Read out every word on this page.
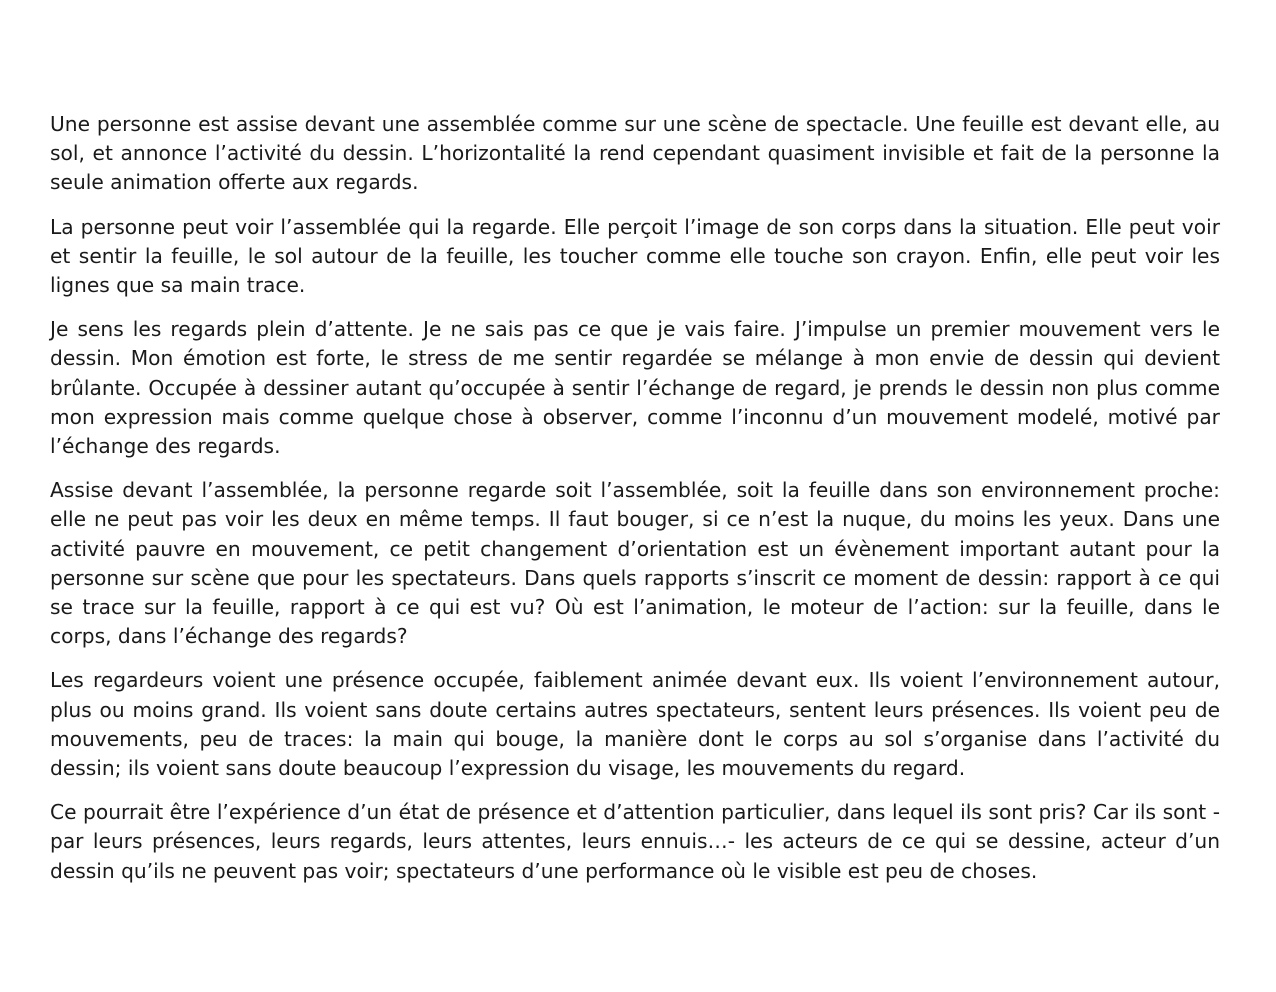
Une personne est assise devant une assemblée comme sur une scène de spectacle. Une feuille est devant elle, au sol, et annonce l’activité du dessin. L’horizontalité la rend cependant quasiment invisible et fait de la personne la seule animation offerte aux regards.

La personne peut voir l’assemblée qui la regarde. Elle perçoit l’image de son corps dans la situation. Elle peut voir et sentir la feuille, le sol autour de la feuille, les toucher comme elle touche son crayon. Enfin, elle peut voir les lignes que sa main trace.

Je sens les regards plein d’attente. Je ne sais pas ce que je vais faire. J’impulse un premier mouvement vers le dessin. Mon émotion est forte, le stress de me sentir regardée se mélange à mon envie de dessin qui devient brûlante. Occupée à dessiner autant qu’occupée à sentir l’échange de regard, je prends le dessin non plus comme mon expression mais comme quelque chose à observer, comme l’inconnu d’un mouvement modelé, motivé par l’échange des regards.

Assise devant l’assemblée, la personne regarde soit l’assemblée, soit la feuille dans son environnement proche: elle ne peut pas voir les deux en même temps. Il faut bouger, si ce n’est la nuque, du moins les yeux. Dans une activité pauvre en mouvement, ce petit changement d’orientation est un évènement important autant pour la personne sur scène que pour les spectateurs. Dans quels rapports s’inscrit ce moment de dessin: rapport à ce qui se trace sur la feuille, rapport à ce qui est vu? Où est l’animation, le moteur de l’action: sur la feuille, dans le corps, dans l’échange des regards?

Les regardeurs voient une présence occupée, faiblement animée devant eux. Ils voient l’environnement autour, plus ou moins grand. Ils voient sans doute certains autres spectateurs, sentent leurs présences. Ils voient peu de mouvements, peu de traces: la main qui bouge, la manière dont le corps au sol s’organise dans l’activité du dessin; ils voient sans doute beaucoup l’expression du visage, les mouvements du regard.

Ce pourrait être l’expérience d’un état de présence et d’attention particulier, dans lequel ils sont pris? Car ils sont -par leurs présences, leurs regards, leurs attentes, leurs ennuis…- les acteurs de ce qui se dessine, acteur d’un dessin qu’ils ne peuvent pas voir; spectateurs d’une performance où le visible est peu de choses.
